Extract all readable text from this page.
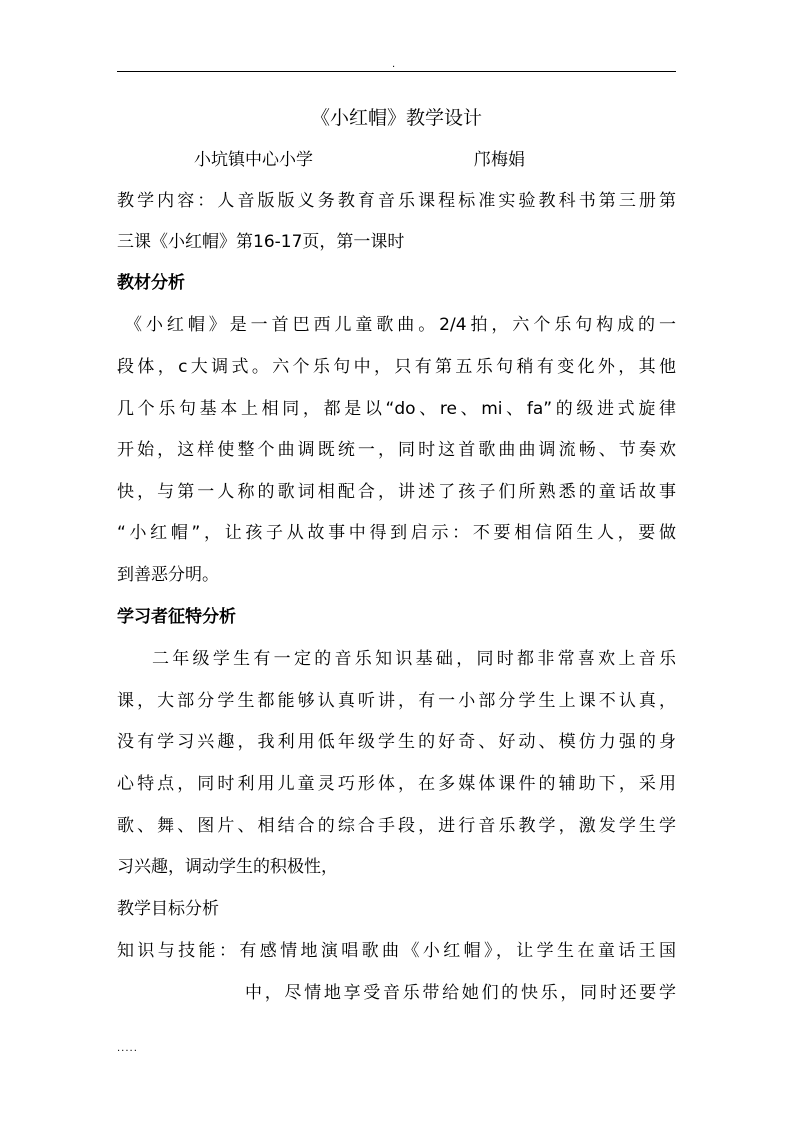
.
《小红帽》教学设计
小坑镇中心小学	邝梅娟
教学内容：人音版版义务教育音乐课程标准实验教科书第三册第
三课《小红帽》第16-17页，第一课时
教材分析
《小红帽》是一首巴西儿童歌曲。2/4拍，六个乐句构成的一
段体，c大调式。六个乐句中，只有第五乐句稍有变化外，其他
几个乐句基本上相同，都是以“do、re、mi、fa”的级进式旋律
开始，这样使整个曲调既统一，同时这首歌曲曲调流畅、节奏欢
快，与第一人称的歌词相配合，讲述了孩子们所熟悉的童话故事
“小红帽”，让孩子从故事中得到启示：不要相信陌生人，要做
到善恶分明。
学习者征特分析
二年级学生有一定的音乐知识基础，同时都非常喜欢上音乐
课，大部分学生都能够认真听讲，有一小部分学生上课不认真，
没有学习兴趣，我利用低年级学生的好奇、好动、模仿力强的身
心特点，同时利用儿童灵巧形体，在多媒体课件的辅助下，采用
歌、舞、图片、相结合的综合手段，进行音乐教学，激发学生学
习兴趣，调动学生的积极性，
教学目标分析
知识与技能：有感情地演唱歌曲《小红帽》，让学生在童话王国
中，尽情地享受音乐带给她们的快乐，同时还要学
.....
